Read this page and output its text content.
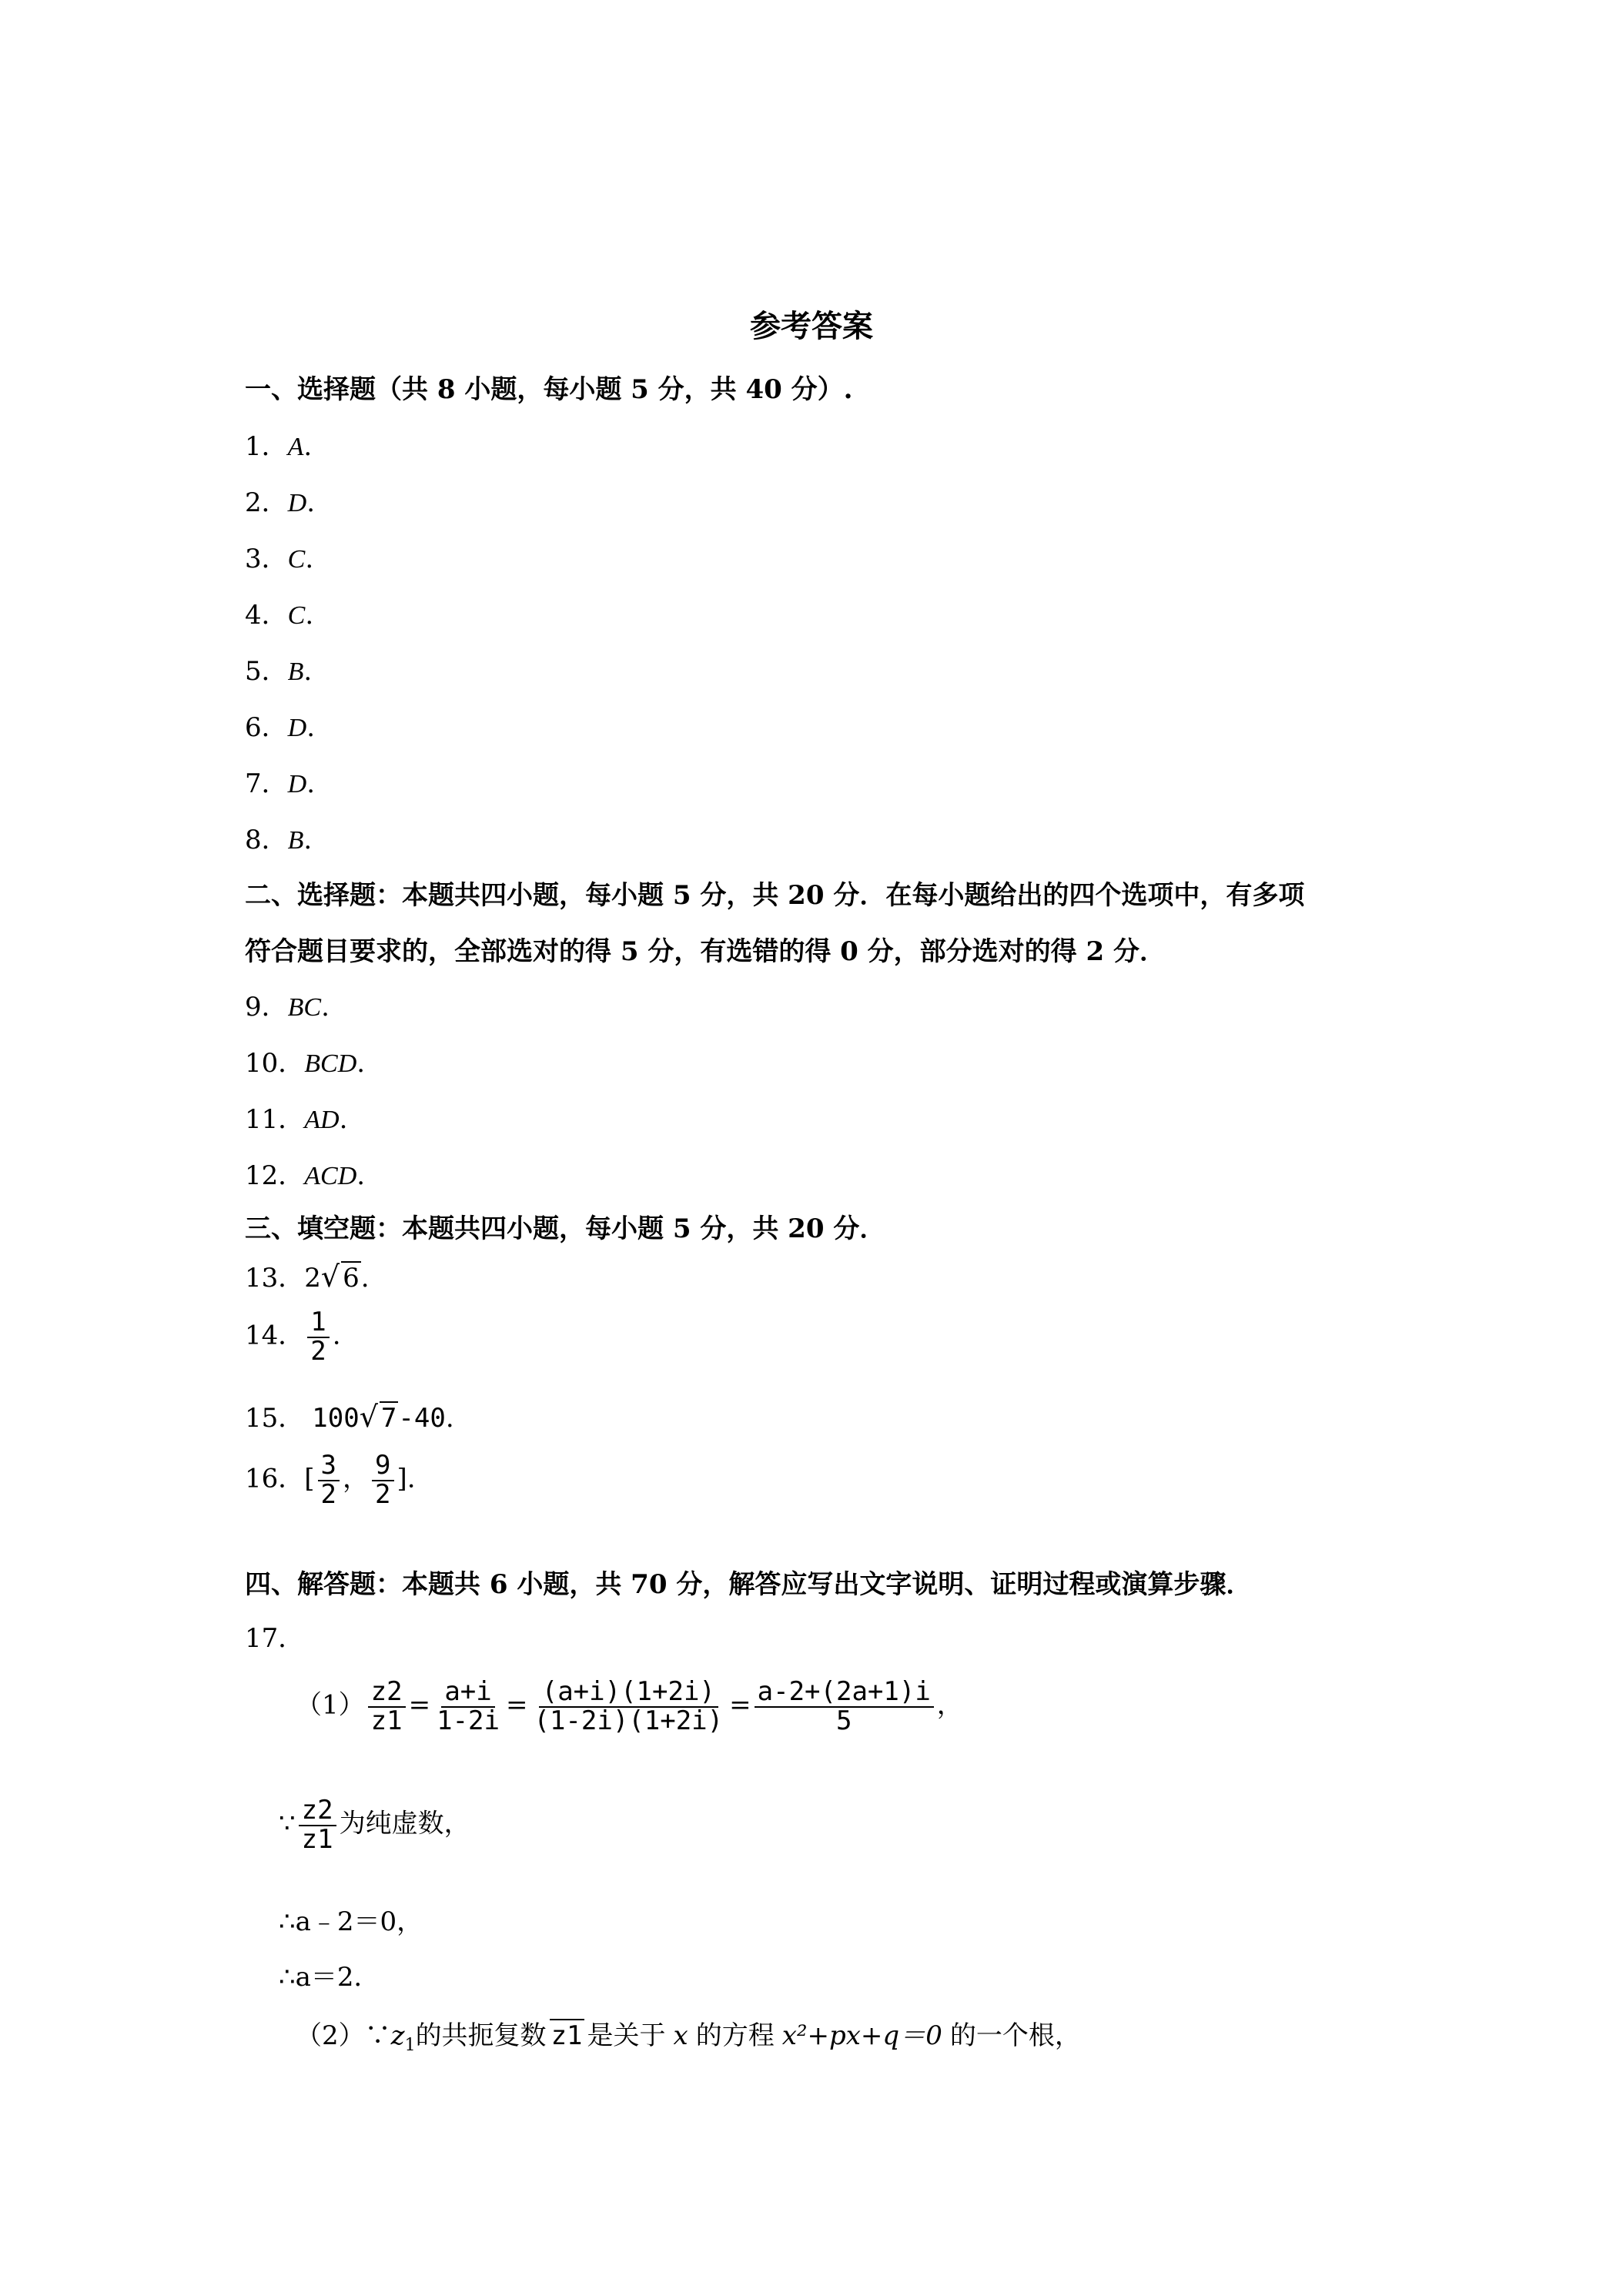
参考答案
一、选择题（共 8 小题，每小题 5 分，共 40 分）.
1．A.
2．D.
3．C.
4．C.
5．B.
6．D.
7．D.
8．B.
二、选择题：本题共四小题，每小题 5 分，共 20 分．在每小题给出的四个选项中，有多项
符合题目要求的，全部选对的得 5 分，有选错的得 0 分，部分选对的得 2 分．
9．BC.
10．BCD.
11．AD.
12．ACD.
三、填空题：本题共四小题，每小题 5 分，共 20 分．
13．2√ 6.
14． $\frac{1}{2}$ .
15． 100√ 7-40.
16．[ $\frac{3}{2}$ ， $\frac{9}{2}$ ].
四、解答题：本题共 6 小题，共 70 分，解答应写出文字说明、证明过程或演算步骤．
17．
$(1) \frac{z2}{z1} = \frac{a+i}{1-2i} = \frac{(a+i)(1+2i)}{(1-2i)(1+2i)} = \frac{a-2+(2a+1)i}{5}$ ，
∵ $\frac{z2}{z1}$ 为纯虚数，
∴a﹣2＝0，
∴a＝2．
$(2)\because z_1$的共扼复数 z1 是关于 x 的方程 x²+px+q＝0 的一个根，
